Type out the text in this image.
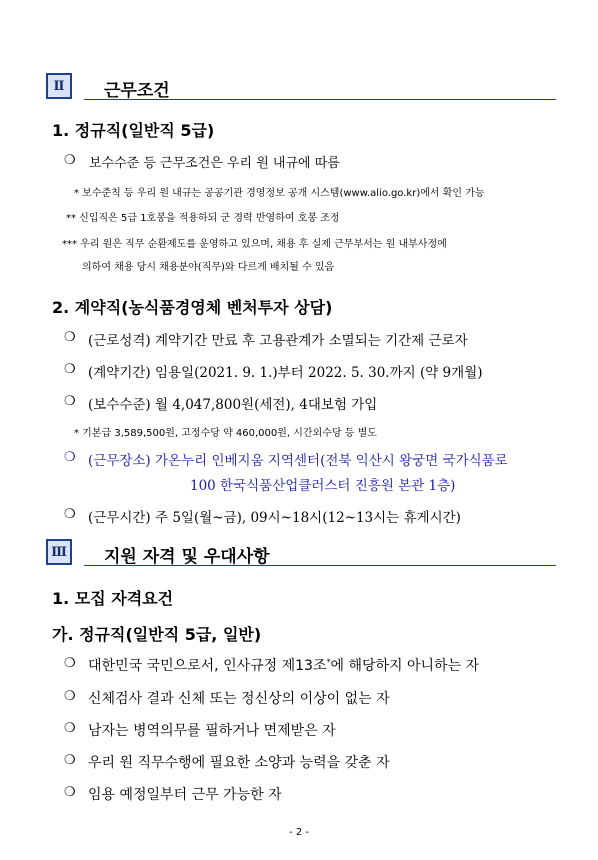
Ⅱ	근무조건
1. 정규직(일반직 5급)
❍ 보수수준 등 근무조건은 우리 원 내규에 따름
* 보수준칙 등 우리 원 내규는 공공기관 경영정보 공개 시스템(www.alio.go.kr)에서 확인 가능
** 신입직은 5급 1호봉을 적용하되 군 경력 반영하여 호봉 조정
*** 우리 원은 직무 순환제도를 운영하고 있으며, 채용 후 실제 근무부서는 원 내부사정에
의하여 채용 당시 채용분야(직무)와 다르게 배치될 수 있음
2. 계약직(농식품경영체 벤처투자 상담)
❍ (근로성격) 계약기간 만료 후 고용관계가 소멸되는 기간제 근로자
❍ (계약기간) 임용일(2021. 9. 1.)부터 2022. 5. 30.까지 (약 9개월)
❍ (보수수준) 월 4,047,800원(세전), 4대보험 가입
* 기본급 3,589,500원, 고정수당 약 460,000원, 시간외수당 등 별도
❍ (근무장소) 가온누리 인베지움 지역센터(전북 익산시 왕궁면 국가식품로
100 한국식품산업클러스터 진흥원 본관 1층)
❍ (근무시간) 주 5일(월~금), 09시~18시(12~13시는 휴게시간)
Ⅲ 지원 자격 및 우대사항
1. 모집 자격요건
가. 정규직(일반직 5급, 일반)
❍ 대한민국 국민으로서, 인사규정 제13조*에 해당하지 아니하는 자
❍ 신체검사 결과 신체 또는 정신상의 이상이 없는 자
❍ 남자는 병역의무를 필하거나 면제받은 자
❍ 우리 원 직무수행에 필요한 소양과 능력을 갖춘 자
❍ 임용 예정일부터 근무 가능한 자
- 2 -
